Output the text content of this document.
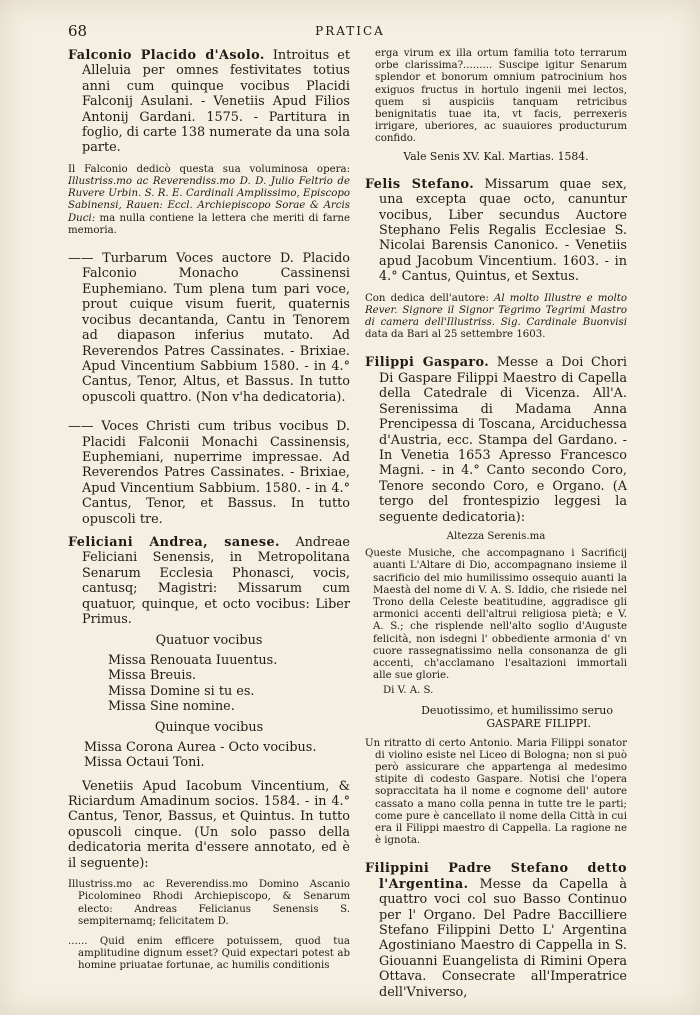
68	PRATICA

Falconio Placido d'Asolo. Introitus et Alleluia per omnes festivitates totius anni cum quinque vocibus Placidi Falconij Asulani. - Venetiis Apud Filios Antonij Gardani. 1575. - Partitura in foglio, di carte 138 numerate da una sola parte.

Il Falconio dedicò questa sua voluminosa opera: Illustriss.mo ac Reverendiss.mo D. D. Julio Feltrio de Ruvere Urbin. S. R. E. Cardinali Amplissimo, Episcopo Sabinensi, Rauen: Eccl. Archiepiscopo Sorae & Arcis Duci: ma nulla contiene la lettera che meriti di farne memoria.

—— Turbarum Voces auctore D. Placido Falconio Monacho Cassinensi Euphemiano. Tum plena tum pari voce, prout cuique visum fuerit, quaternis vocibus decantanda, Cantu in Tenorem ad diapason inferius mutato. Ad Reverendos Patres Cassinates. - Brixiae. Apud Vincentium Sabbium 1580. - in 4.° Cantus, Tenor, Altus, et Bassus. In tutto opuscoli quattro. (Non v'ha dedicatoria).

—— Voces Christi cum tribus vocibus D. Placidi Falconii Monachi Cassinensis, Euphemiani, nuperrime impressae. Ad Reverendos Patres Cassinates. - Brixiae, Apud Vincentium Sabbium. 1580. - in 4.° Cantus, Tenor, et Bassus. In tutto opuscoli tre.

Feliciani Andrea, sanese. Andreae Feliciani Senensis, in Metropolitana Senarum Ecclesia Phonasci, vocis, cantusq; Magistri: Missarum cum quatuor, quinque, et octo vocibus: Liber Primus.

Quatuor vocibus

Missa Renouata Iuuentus.
Missa Breuis.
Missa Domine si tu es.
Missa Sine nomine.

Quinque vocibus

Missa Corona Aurea - Octo vocibus.
Missa Octaui Toni.

Venetiis Apud Iacobum Vincentium, & Riciardum Amadinum socios. 1584. - in 4.° Cantus, Tenor, Bassus, et Quintus. In tutto opuscoli cinque. (Un solo passo della dedicatoria merita d'essere annotato, ed è il seguente):

Illustriss.mo ac Reverendiss.mo Domino Ascanio Picolomineo Rhodi Archiepiscopo, & Senarum electo: Andreas Felicianus Senensis S. sempiternamq; felicitatem D.

...... Quid enim efficere potuissem, quod tua amplitudine dignum esset? Quid expectari potest ab homine priuatae fortunae, ac humilis conditionis

erga virum ex illa ortum familia toto terrarum orbe clarissima?......... Suscipe igitur Senarum splendor et bonorum omnium patrocinium hos exiguos fructus in hortulo ingenii mei lectos, quem si auspiciis tanquam retricibus benignitatis tuae ita, vt facis, perrexeris irrigare, uberiores, ac suauiores producturum confido.

Vale Senis XV. Kal. Martias. 1584.

Felis Stefano. Missarum quae sex, una excepta quae octo, canuntur vocibus, Liber secundus Auctore Stephano Felis Regalis Ecclesiae S. Nicolai Barensis Canonico. - Venetiis apud Jacobum Vincentium. 1603. - in 4.° Cantus, Quintus, et Sextus.

Con dedica dell'autore: Al molto Illustre e molto Rever. Signore il Signor Tegrimo Tegrimi Mastro di camera dell'Illustriss. Sig. Cardinale Buonvisi data da Bari al 25 settembre 1603.

Filippi Gasparo. Messe a Doi Chori Di Gaspare Filippi Maestro di Capella della Catedrale di Vicenza. All'A. Serenissima di Madama Anna Prencipessa di Toscana, Arciduchessa d'Austria, ecc. Stampa del Gardano. - In Venetia 1653 Apresso Francesco Magni. - in 4.° Canto secondo Coro, Tenore secondo Coro, e Organo. (A tergo del frontespizio leggesi la seguente dedicatoria):

Altezza Serenis.ma

Queste Musiche, che accompagnano i Sacrificij auanti L'Altare di Dio, accompagnano insieme il sacrificio del mio humilissimo ossequio auanti la Maestà del nome di V. A. S. Iddio, che risiede nel Trono della Celeste beatitudine, aggradisce gli armonici accenti dell'altrui religiosa pietà; e V. A. S.; che risplende nell'alto soglio d'Auguste felicità, non isdegni l' obbediente armonia d' vn cuore rassegnatissimo nella consonanza de gli accenti, ch'acclamano l'esaltazioni immortali alle sue glorie.

Di V. A. S.

Deuotissimo, et humilissimo seruo

GASPARE FILIPPI.

Un ritratto di certo Antonio. Maria Filippi sonator di violino esiste nel Liceo di Bologna; non si può però assicurare che appartenga al medesimo stipite di codesto Gaspare. Notisi che l'opera sopraccitata ha il nome e cognome dell' autore cassato a mano colla penna in tutte tre le parti; come pure è cancellato il nome della Città in cui era il Filippi maestro di Cappella. La ragione ne è ignota.

Filippini Padre Stefano detto l'Argentina. Messe da Capella à quattro voci col suo Basso Continuo per l' Organo. Del Padre Baccilliere Stefano Filippini Detto L' Argentina Agostiniano Maestro di Cappella in S. Giouanni Euangelista di Rimini Opera Ottava. Consecrate all'Imperatrice dell'Vniverso,
